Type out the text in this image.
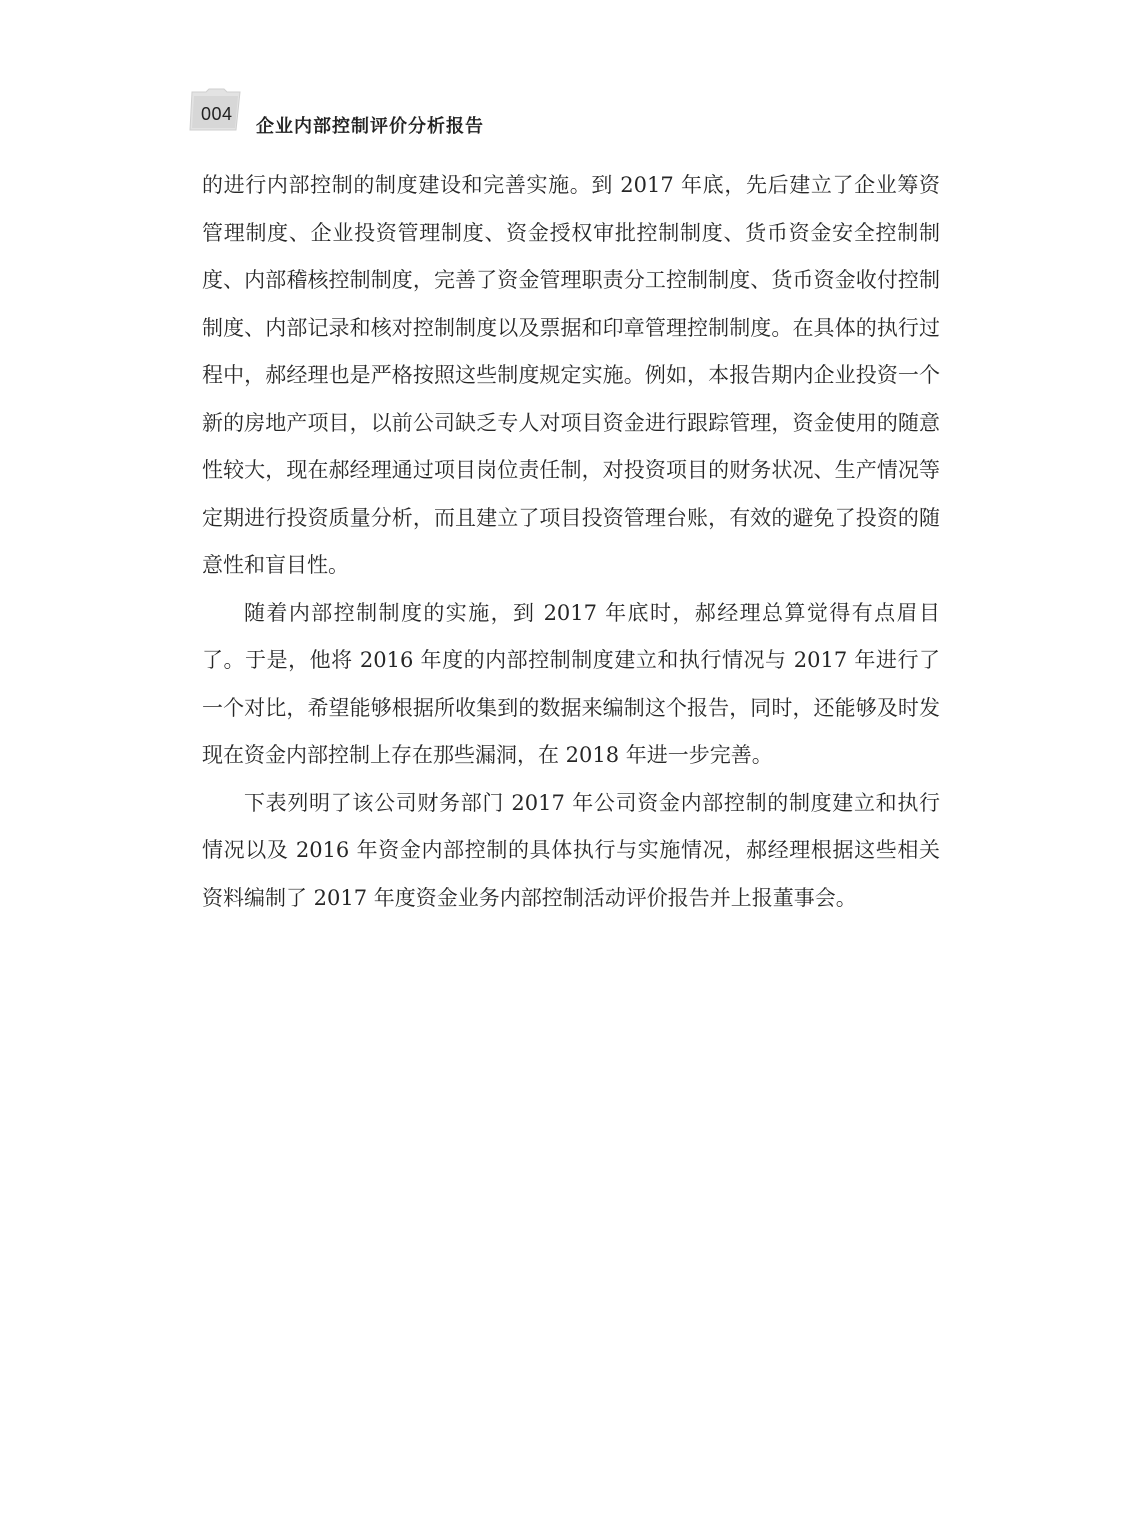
004
企业内部控制评价分析报告

的进行内部控制的制度建设和完善实施。到 2017 年底，先后建立了企业筹资管理制度、企业投资管理制度、资金授权审批控制制度、货币资金安全控制制度、内部稽核控制制度，完善了资金管理职责分工控制制度、货币资金收付控制制度、内部记录和核对控制制度以及票据和印章管理控制制度。在具体的执行过程中，郝经理也是严格按照这些制度规定实施。例如，本报告期内企业投资一个新的房地产项目，以前公司缺乏专人对项目资金进行跟踪管理，资金使用的随意性较大，现在郝经理通过项目岗位责任制，对投资项目的财务状况、生产情况等定期进行投资质量分析，而且建立了项目投资管理台账，有效的避免了投资的随意性和盲目性。

随着内部控制制度的实施，到 2017 年底时，郝经理总算觉得有点眉目了。于是，他将 2016 年度的内部控制制度建立和执行情况与 2017 年进行了一个对比，希望能够根据所收集到的数据来编制这个报告，同时，还能够及时发现在资金内部控制上存在那些漏洞，在 2018 年进一步完善。

下表列明了该公司财务部门 2017 年公司资金内部控制的制度建立和执行情况以及 2016 年资金内部控制的具体执行与实施情况，郝经理根据这些相关资料编制了 2017 年度资金业务内部控制活动评价报告并上报董事会。
